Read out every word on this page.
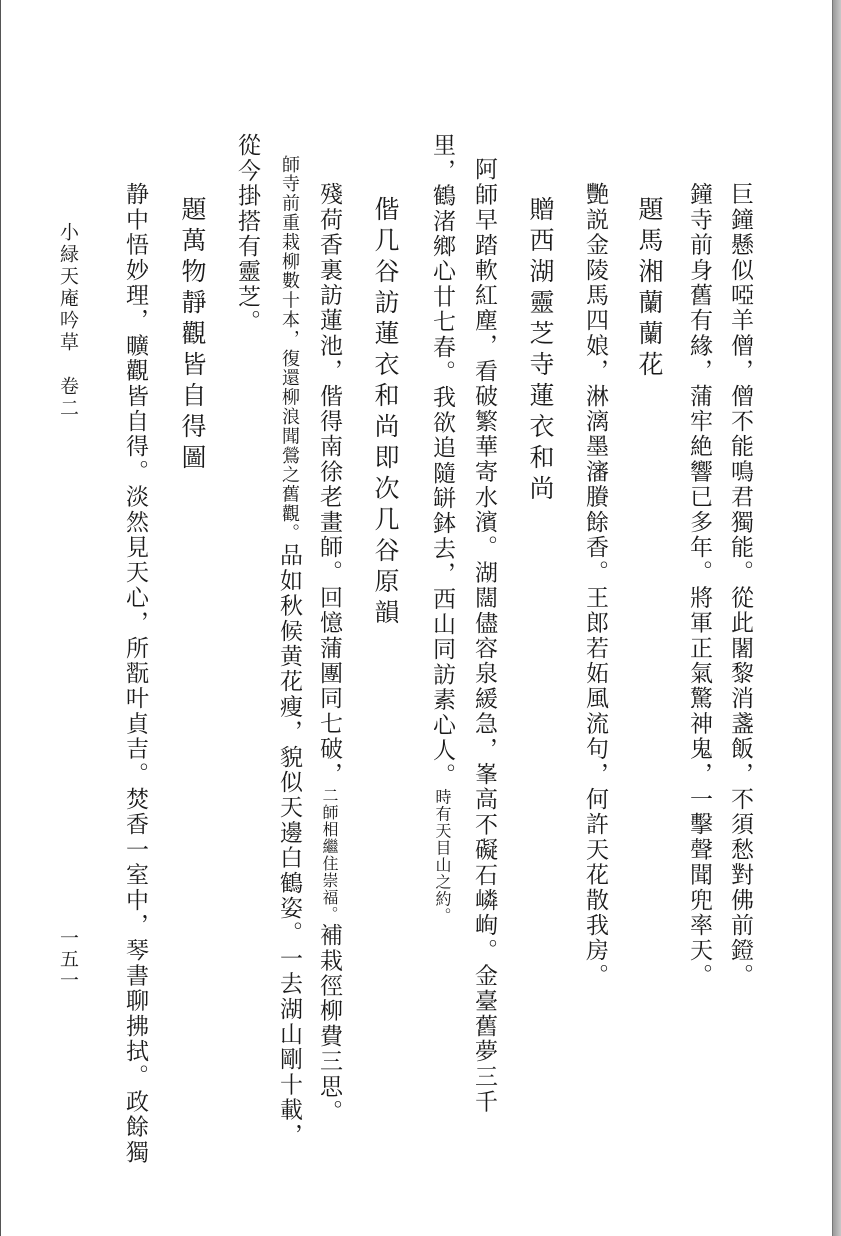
巨鐘懸似啞羊僧，僧不能鳴君獨能。從此闍黎消盞飯，不須愁對佛前鐙。
鐘寺前身舊有緣，蒲牢絶響已多年。將軍正氣驚神鬼，一擊聲聞兜率天。
題馬湘蘭蘭花
艷説金陵馬四娘，淋漓墨瀋賸餘香。王郎若妬風流句，何許天花散我房。
贈西湖靈芝寺蓮衣和尚
阿師早踏軟紅塵，看破繁華寄水濱。湖闊儘容泉緩急，峯高不礙石嶙峋。金臺舊夢三千
里，鶴渚鄉心廿七春。我欲追隨缾鉢去，西山同訪素心人。時有天目山之約。
偕几谷訪蓮衣和尚即次几谷原韻
殘荷香裏訪蓮池，偕得南徐老畫師。回憶蒲團同七破，二師相繼住崇福。補栽徑柳費三思。
師寺前重栽柳數十本，復還柳浪聞鶯之舊觀。品如秋候黄花瘦，貌似天邊白鶴姿。一去湖山剛十載，
從今掛搭有靈芝。
題萬物靜觀皆自得圖
静中悟妙理，曠觀皆自得。淡然見天心，所翫叶貞吉。焚香一室中，琴書聊拂拭。政餘獨
小緑天庵吟草　卷二
一五一
